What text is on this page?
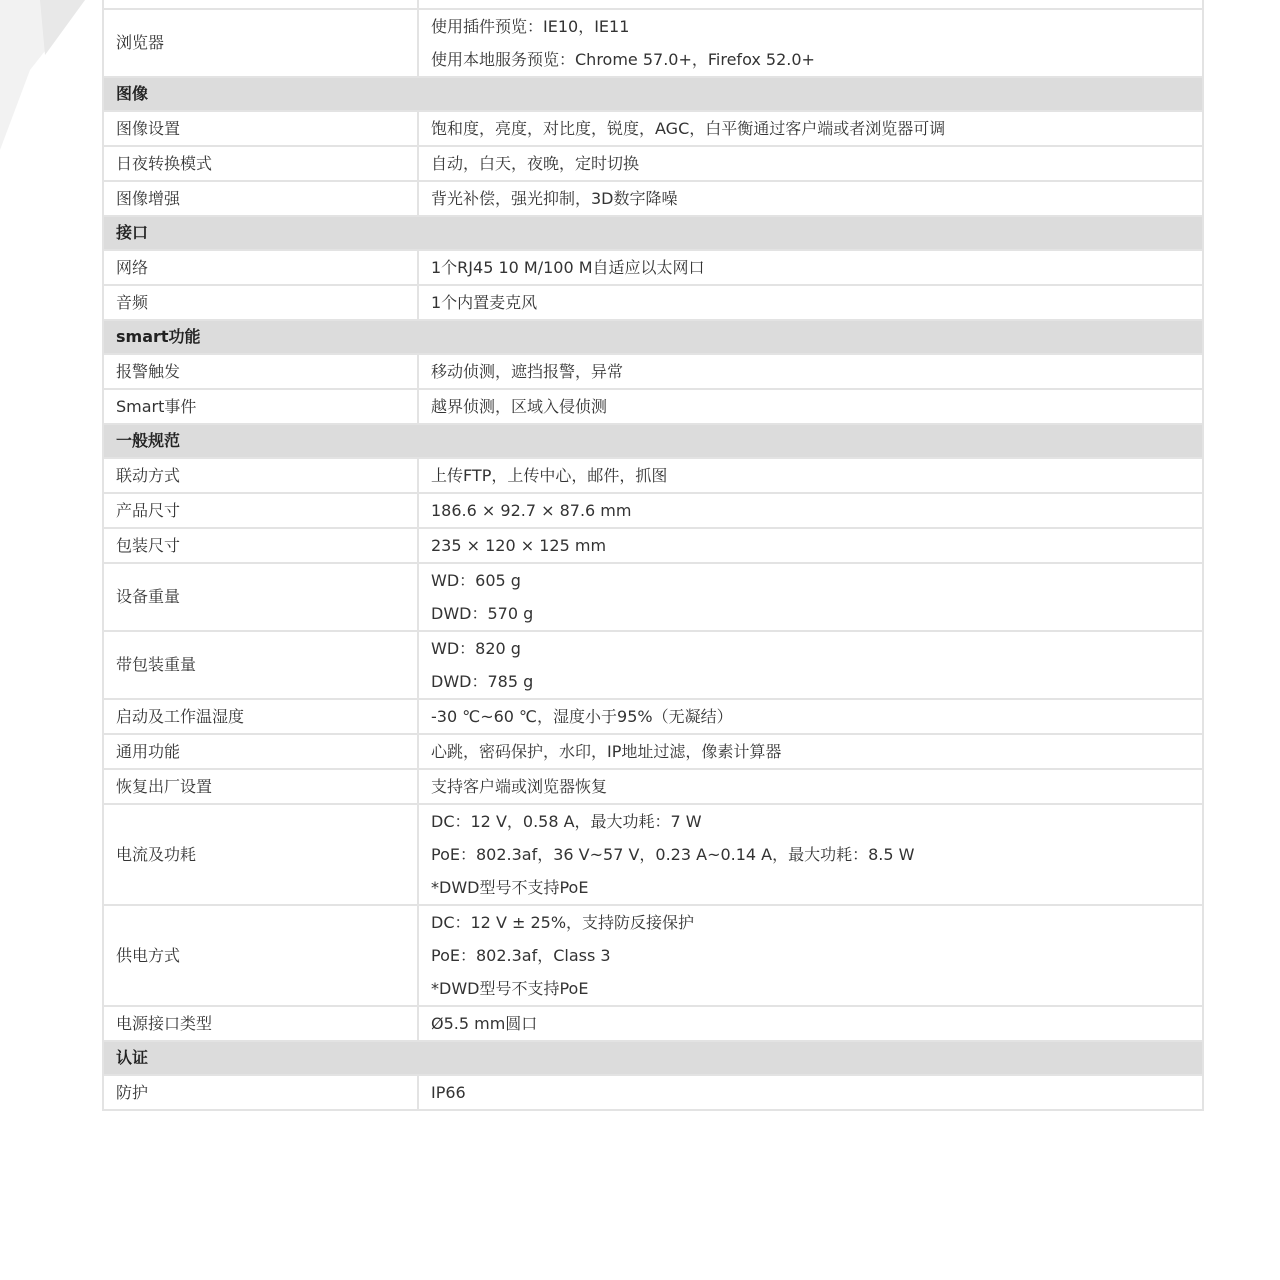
浏览器	使用插件预览：IE10，IE11
使用本地服务预览：Chrome 57.0+，Firefox 52.0+

图像	
图像设置	饱和度，亮度，对比度，锐度，AGC，白平衡通过客户端或者浏览器可调

日夜转换模式	自动，白天，夜晚，定时切换

图像增强	背光补偿，强光抑制，3D数字降噪

接口	
网络	1个RJ45 10 M/100 M自适应以太网口

音频	1个内置麦克风

smart功能	
报警触发	移动侦测，遮挡报警，异常

Smart事件	越界侦测，区域入侵侦测

一般规范	
联动方式	上传FTP，上传中心，邮件，抓图

产品尺寸	186.6 × 92.7 × 87.6 mm

包装尺寸	235 × 120 × 125 mm

设备重量	WD：605 g
DWD：570 g

带包装重量	WD：820 g
DWD：785 g

启动及工作温湿度	-30 ℃~60 ℃，湿度小于95%（无凝结）

通用功能	心跳，密码保护，水印，IP地址过滤，像素计算器

恢复出厂设置	支持客户端或浏览器恢复

电流及功耗	DC：12 V，0.58 A，最大功耗：7 W
PoE：802.3af，36 V~57 V，0.23 A~0.14 A，最大功耗：8.5 W
*DWD型号不支持PoE

供电方式	DC：12 V ± 25%，支持防反接保护
PoE：802.3af，Class 3
*DWD型号不支持PoE

电源接口类型	Ø5.5 mm圆口

认证	
防护	IP66
